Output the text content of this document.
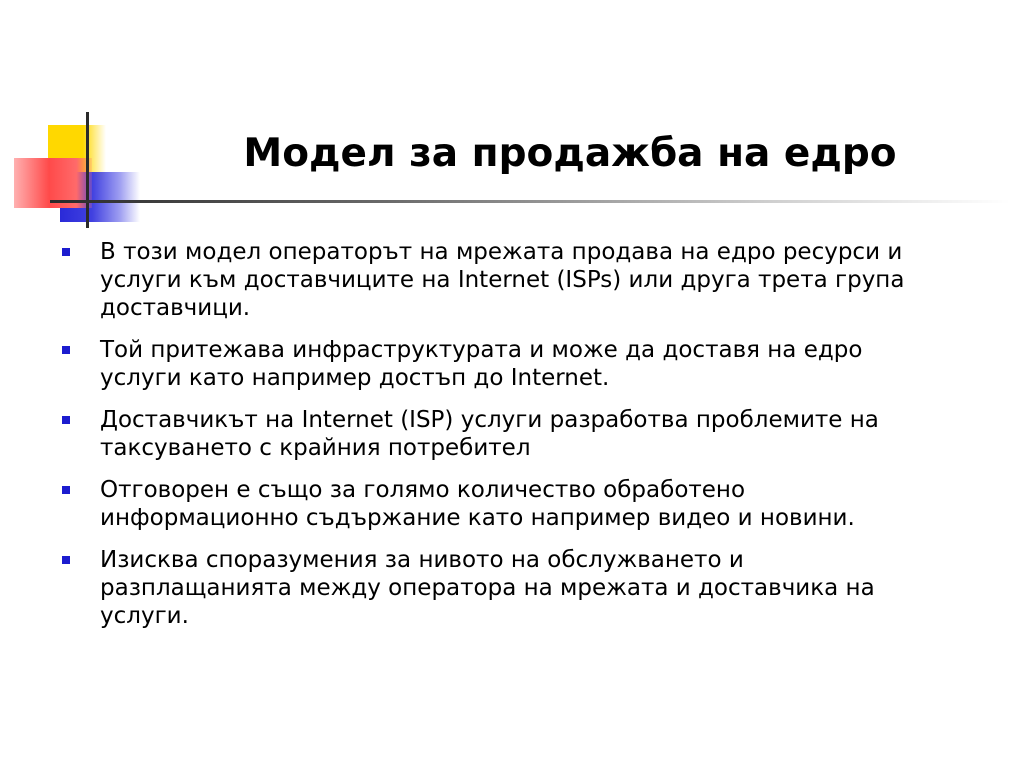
Модел за продажба на едро
В този модел операторът на мрежата продава на едро ресурси и услуги към доставчиците на Internet (ISPs) или друга трета група доставчици.
Той притежава инфраструктурата и може да доставя на едро услуги като например достъп до Internet.
Доставчикът на Internet (ISP) услуги разработва проблемите на таксуването с крайния потребител
Отговорен е също за голямо количество обработено информационно съдържание като например видео и новини.
Изисква споразумения за нивото на обслужването и разплащанията между оператора на мрежата и доставчика на услуги.
